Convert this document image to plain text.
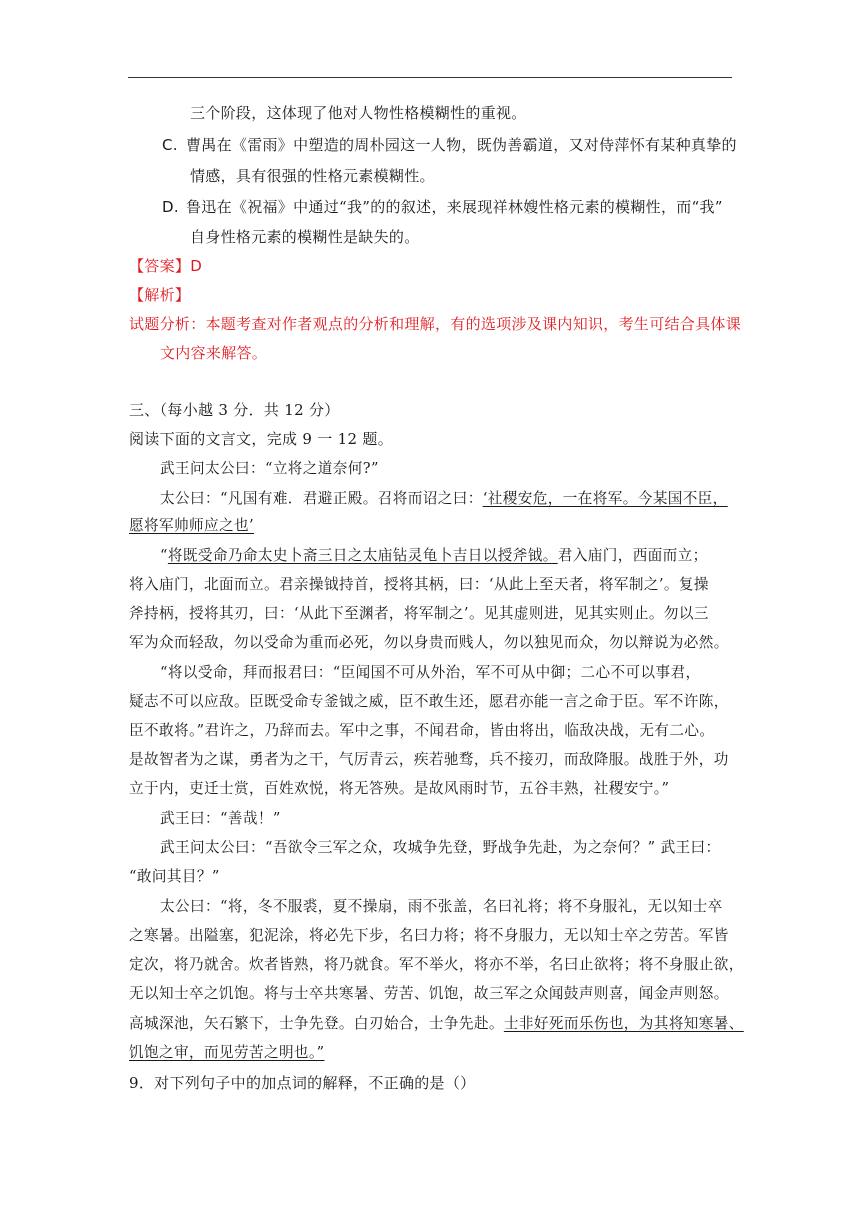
三个阶段，这体现了他对人物性格模糊性的重视。
C. 曹禺在《雷雨》中塑造的周朴园这一人物，既伪善霸道，又对侍萍怀有某种真挚的
情感，具有很强的性格元素模糊性。
D. 鲁迅在《祝福》中通过“我”的的叙述，来展现祥林嫂性格元素的模糊性，而“我”
自身性格元素的模糊性是缺失的。
【答案】D
【解析】
试题分析：本题考查对作者观点的分析和理解，有的选项涉及课内知识，考生可结合具体课
文内容来解答。
三、（每小越 3 分．共 12 分）
阅读下面的文言文，完成 9 一 12 题。
武王问太公曰：“立将之道奈何?”
太公曰：“凡国有难．君避正殿。召将而诏之曰：‘社稷安危，一在将军。今某国不臣，
愿将军帅师应之也’
“将既受命乃命太史卜斋三日之太庙钻灵龟卜吉日以授斧钺。君入庙门，西面而立；
将入庙门，北面而立。君亲操钺持首，授将其柄，曰：‘从此上至天者，将军制之’。复操
斧持柄，授将其刃，曰：‘从此下至渊者，将军制之’。见其虚则进，见其实则止。勿以三
军为众而轻敌，勿以受命为重而必死，勿以身贵而贱人，勿以独见而众，勿以辩说为必然。
“将以受命，拜而报君曰：“臣闻国不可从外治，军不可从中御；二心不可以事君，
疑志不可以应敌。臣既受命专釜钺之威，臣不敢生还，愿君亦能一言之命于臣。军不许陈，
臣不敢将。”君许之，乃辞而去。军中之事，不闻君命，皆由将出，临敌决战，无有二心。
是故智者为之谋，勇者为之干，气厉青云，疾若驰骛，兵不接刃，而敌降服。战胜于外，功
立于内，吏迁士赏，百姓欢悦，将无答殃。是故风雨时节，五谷丰熟，社稷安宁。”
武王曰：“善哉！”
武王问太公曰：“吾欲令三军之众，攻城争先登，野战争先赴，为之奈何？” 武王曰：
“敢问其目？”
太公曰：“将，冬不服裘，夏不操扇，雨不张盖，名曰礼将；将不身服礼，无以知士卒
之寒暑。出隘塞，犯泥涂，将必先下步，名曰力将；将不身服力，无以知士卒之劳苦。军皆
定次，将乃就舍。炊者皆熟，将乃就食。军不举火，将亦不举，名曰止欲将；将不身服止欲，
无以知士卒之饥饱。将与士卒共寒暑、劳苦、饥饱，故三军之众闻鼓声则喜，闻金声则怒。
高城深池，矢石繁下，士争先登。白刃始合，士争先赴。士非好死而乐伤也，为其将知寒暑、
饥饱之审，而见劳苦之明也。”
9．对下列句子中的加点词的解释，不正确的是（）
